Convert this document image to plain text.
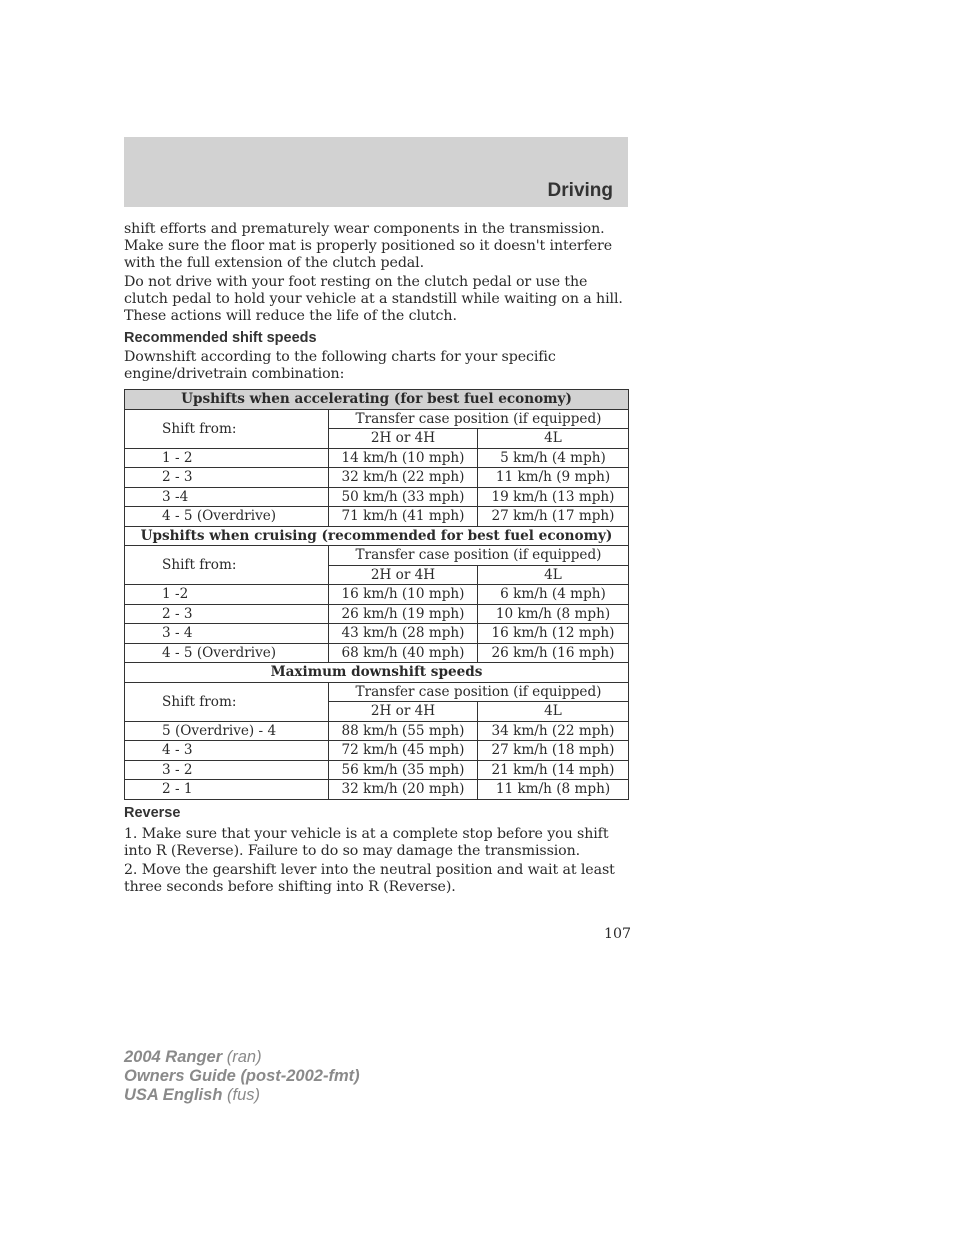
Driving

shift efforts and prematurely wear components in the transmission. Make sure the floor mat is properly positioned so it doesn't interfere with the full extension of the clutch pedal.

Do not drive with your foot resting on the clutch pedal or use the clutch pedal to hold your vehicle at a standstill while waiting on a hill. These actions will reduce the life of the clutch.

Recommended shift speeds

Downshift according to the following charts for your specific engine/drivetrain combination:

Upshifts when accelerating (for best fuel economy)		
Shift from:	Transfer case position (if equipped)	
	2H or 4H	4L
1 - 2	14 km/h (10 mph)	5 km/h (4 mph)
2 - 3	32 km/h (22 mph)	11 km/h (9 mph)
3 -4	50 km/h (33 mph)	19 km/h (13 mph)
4 - 5 (Overdrive)	71 km/h (41 mph)	27 km/h (17 mph)
Upshifts when cruising (recommended for best fuel economy)		
Shift from:	Transfer case position (if equipped)	
	2H or 4H	4L
1 -2	16 km/h (10 mph)	6 km/h (4 mph)
2 - 3	26 km/h (19 mph)	10 km/h (8 mph)
3 - 4	43 km/h (28 mph)	16 km/h (12 mph)
4 - 5 (Overdrive)	68 km/h (40 mph)	26 km/h (16 mph)
Maximum downshift speeds		
Shift from:	Transfer case position (if equipped)	
	2H or 4H	4L
5 (Overdrive) - 4	88 km/h (55 mph)	34 km/h (22 mph)
4 - 3	72 km/h (45 mph)	27 km/h (18 mph)
3 - 2	56 km/h (35 mph)	21 km/h (14 mph)
2 - 1	32 km/h (20 mph)	11 km/h (8 mph)
Reverse

1. Make sure that your vehicle is at a complete stop before you shift into R (Reverse). Failure to do so may damage the transmission.

2. Move the gearshift lever into the neutral position and wait at least three seconds before shifting into R (Reverse).

107
2004 Ranger (ran)
Owners Guide (post-2002-fmt)
USA English (fus)
